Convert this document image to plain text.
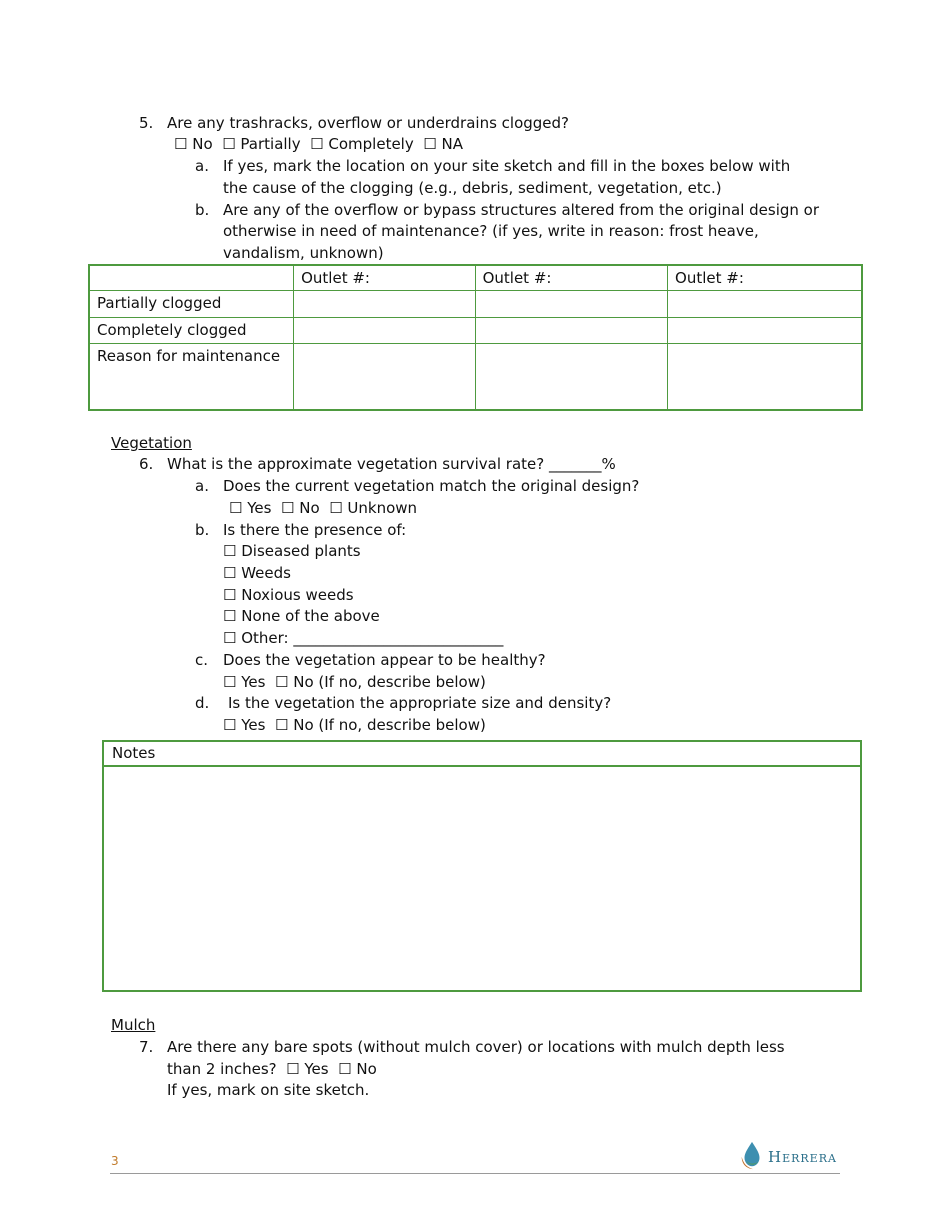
5. Are any trashracks, overflow or underdrains clogged?
☐ No ☐ Partially ☐ Completely ☐ NA
a. If yes, mark the location on your site sketch and fill in the boxes below with
the cause of the clogging (e.g., debris, sediment, vegetation, etc.)
b. Are any of the overflow or bypass structures altered from the original design or
otherwise in need of maintenance? (if yes, write in reason: frost heave,
vandalism, unknown)
	Outlet #:	Outlet #:	Outlet #:
Partially clogged			
Completely clogged			
Reason for maintenance			
Vegetation
6. What is the approximate vegetation survival rate? _______%
a. Does the current vegetation match the original design?
☐ Yes ☐ No ☐ Unknown
b. Is there the presence of:
☐ Diseased plants
☐ Weeds
☐ Noxious weeds
☐ None of the above
☐ Other: ____________________________
c. Does the vegetation appear to be healthy?
☐ Yes ☐ No (If no, describe below)
d. Is the vegetation the appropriate size and density?
☐ Yes ☐ No (If no, describe below)
Notes
Mulch
7. Are there any bare spots (without mulch cover) or locations with mulch depth less
than 2 inches? ☐ Yes ☐ No
If yes, mark on site sketch.
3	Herrera
